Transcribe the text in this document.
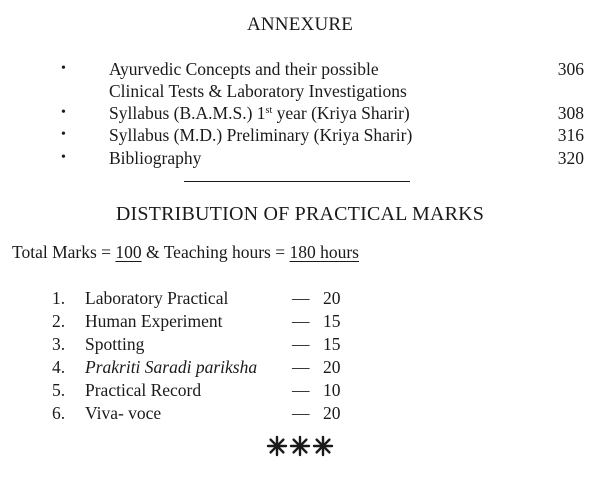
ANNEXURE
• Ayurvedic Concepts and their possible
Clinical Tests & Laboratory Investigations
306
• Syllabus (B.A.M.S.) 1st year (Kriya Sharir)	308
• Syllabus (M.D.) Preliminary (Kriya Sharir)	316
• Bibliography	320
DISTRIBUTION OF PRACTICAL MARKS
Total Marks = 100 & Teaching hours = 180 hours
1. Laboratory Practical	— 20
2. Human Experiment	— 15
3. Spotting	— 15
4. Prakriti Saradi pariksha — 20
5. Practical Record	— 10
6. Viva- voce	— 20
